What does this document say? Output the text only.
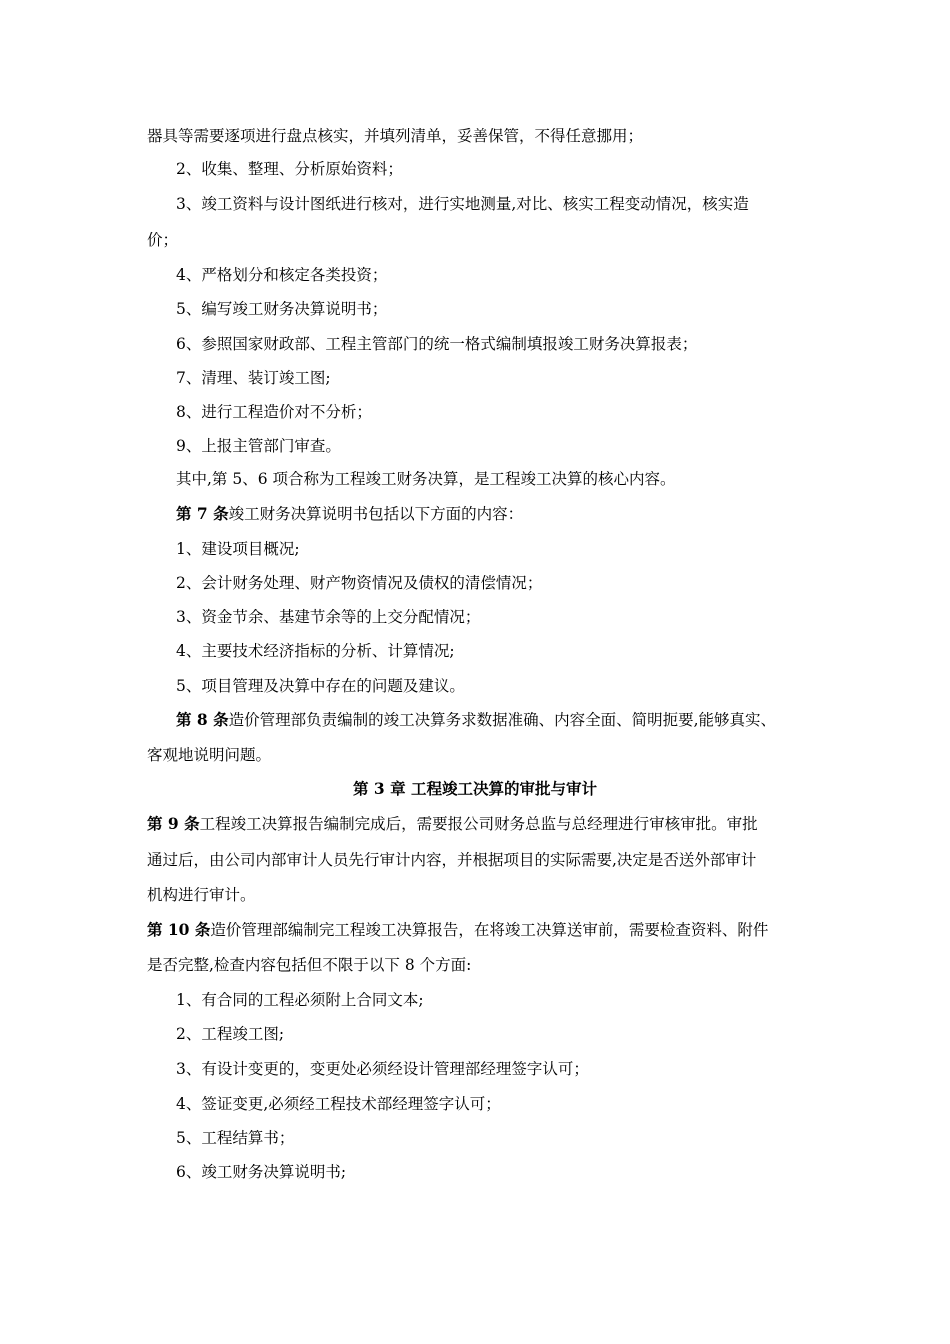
器具等需要逐项进行盘点核实，并填列清单，妥善保管，不得任意挪用；
2、收集、整理、分析原始资料；
3、竣工资料与设计图纸进行核对，进行实地测量,对比、核实工程变动情况，核实造
价；
4、严格划分和核定各类投资；
5、编写竣工财务决算说明书；
6、参照国家财政部、工程主管部门的统一格式编制填报竣工财务决算报表；
7、清理、装订竣工图;
8、进行工程造价对不分析；
9、上报主管部门审查。
其中,第 5、6 项合称为工程竣工财务决算，是工程竣工决算的核心内容。
第 7 条竣工财务决算说明书包括以下方面的内容：
1、建设项目概况;
2、会计财务处理、财产物资情况及债权的清偿情况；
3、资金节余、基建节余等的上交分配情况；
4、主要技术经济指标的分析、计算情况;
5、项目管理及决算中存在的问题及建议。
第 8 条造价管理部负责编制的竣工决算务求数据准确、内容全面、简明扼要,能够真实、
客观地说明问题。
第 3 章 工程竣工决算的审批与审计
第 9 条工程竣工决算报告编制完成后，需要报公司财务总监与总经理进行审核审批。审批
通过后，由公司内部审计人员先行审计内容，并根据项目的实际需要,决定是否送外部审计
机构进行审计。
第 10 条造价管理部编制完工程竣工决算报告，在将竣工决算送审前，需要检查资料、附件
是否完整,检查内容包括但不限于以下 8 个方面:
1、有合同的工程必须附上合同文本;
2、工程竣工图;
3、有设计变更的，变更处必须经设计管理部经理签字认可；
4、签证变更,必须经工程技术部经理签字认可；
5、工程结算书；
6、竣工财务决算说明书;
